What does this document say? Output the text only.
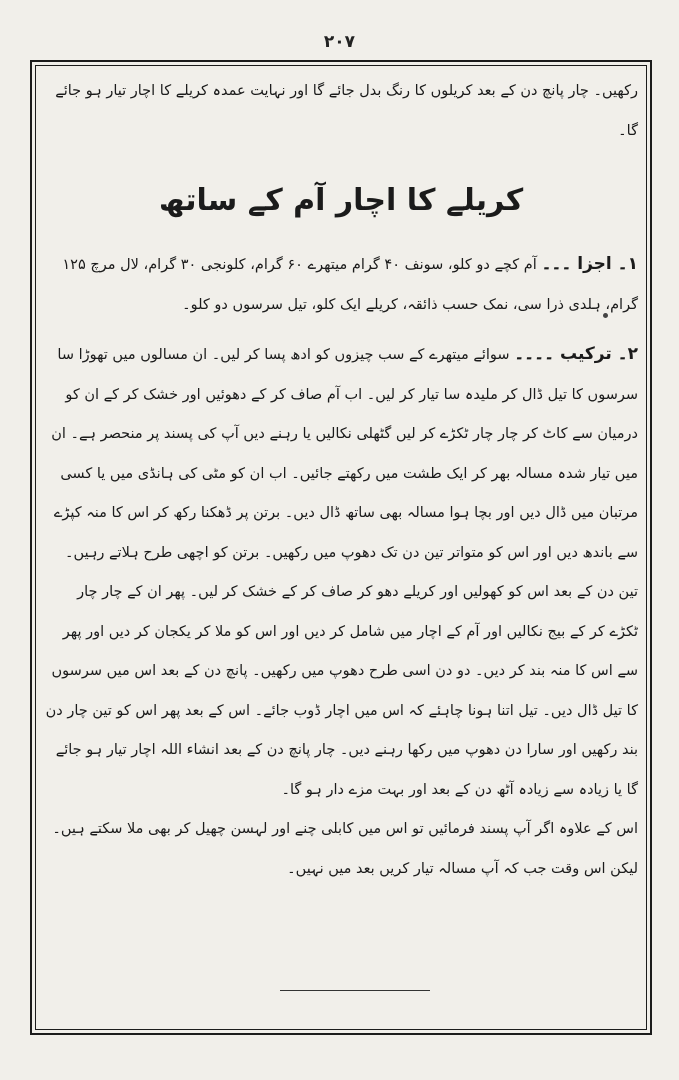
۲۰۷

رکھیں۔ چار پانچ دن کے بعد کریلوں کا رنگ بدل جائے گا اور نہایت عمدہ کریلے کا اچار تیار ہو جائے گا۔

کریلے کا اچار آم کے ساتھ

۱۔ اجزا ۔۔۔ آم کچے دو کلو، سونف ۴۰ گرام میتھرے ۶۰ گرام، کلونجی ۳۰ گرام، لال مرچ ۱۲۵ گرام، ہلدی ذرا سی، نمک حسب ذائقہ، کریلے ایک کلو، تیل سرسوں دو کلو۔

۲۔ ترکیب ۔۔۔۔ سوائے میتھرے کے سب چیزوں کو ادھ پسا کر لیں۔ ان مسالوں میں تھوڑا سا سرسوں کا تیل ڈال کر ملیدہ سا تیار کر لیں۔ اب آم صاف کر کے دھوئیں اور خشک کر کے ان کو درمیان سے کاٹ کر چار چار ٹکڑے کر لیں گٹھلی نکالیں یا رہنے دیں آپ کی پسند پر منحصر ہے۔ ان میں تیار شدہ مسالہ بھر کر ایک طشت میں رکھتے جائیں۔ اب ان کو مٹی کی ہانڈی میں یا کسی مرتبان میں ڈال دیں اور بچا ہوا مسالہ بھی ساتھ ڈال دیں۔ برتن پر ڈھکنا رکھ کر اس کا منہ کپڑے سے باندھ دیں اور اس کو متواتر تین دن تک دھوپ میں رکھیں۔ برتن کو اچھی طرح ہلاتے رہیں۔ تین دن کے بعد اس کو کھولیں اور کریلے دھو کر صاف کر کے خشک کر لیں۔ پھر ان کے چار چار ٹکڑے کر کے بیج نکالیں اور آم کے اچار میں شامل کر دیں اور اس کو ملا کر یکجان کر دیں اور پھر سے اس کا منہ بند کر دیں۔ دو دن اسی طرح دھوپ میں رکھیں۔ پانچ دن کے بعد اس میں سرسوں کا تیل ڈال دیں۔ تیل اتنا ہونا چاہئے کہ اس میں اچار ڈوب جائے۔ اس کے بعد پھر اس کو تین چار دن بند رکھیں اور سارا دن دھوپ میں رکھا رہنے دیں۔ چار پانچ دن کے بعد انشاء اللہ اچار تیار ہو جائے گا یا زیادہ سے زیادہ آٹھ دن کے بعد اور بہت مزے دار ہو گا۔

اس کے علاوہ اگر آپ پسند فرمائیں تو اس میں کابلی چنے اور لہسن چھیل کر بھی ملا سکتے ہیں۔

لیکن اس وقت جب کہ آپ مسالہ تیار کریں بعد میں نہیں۔
